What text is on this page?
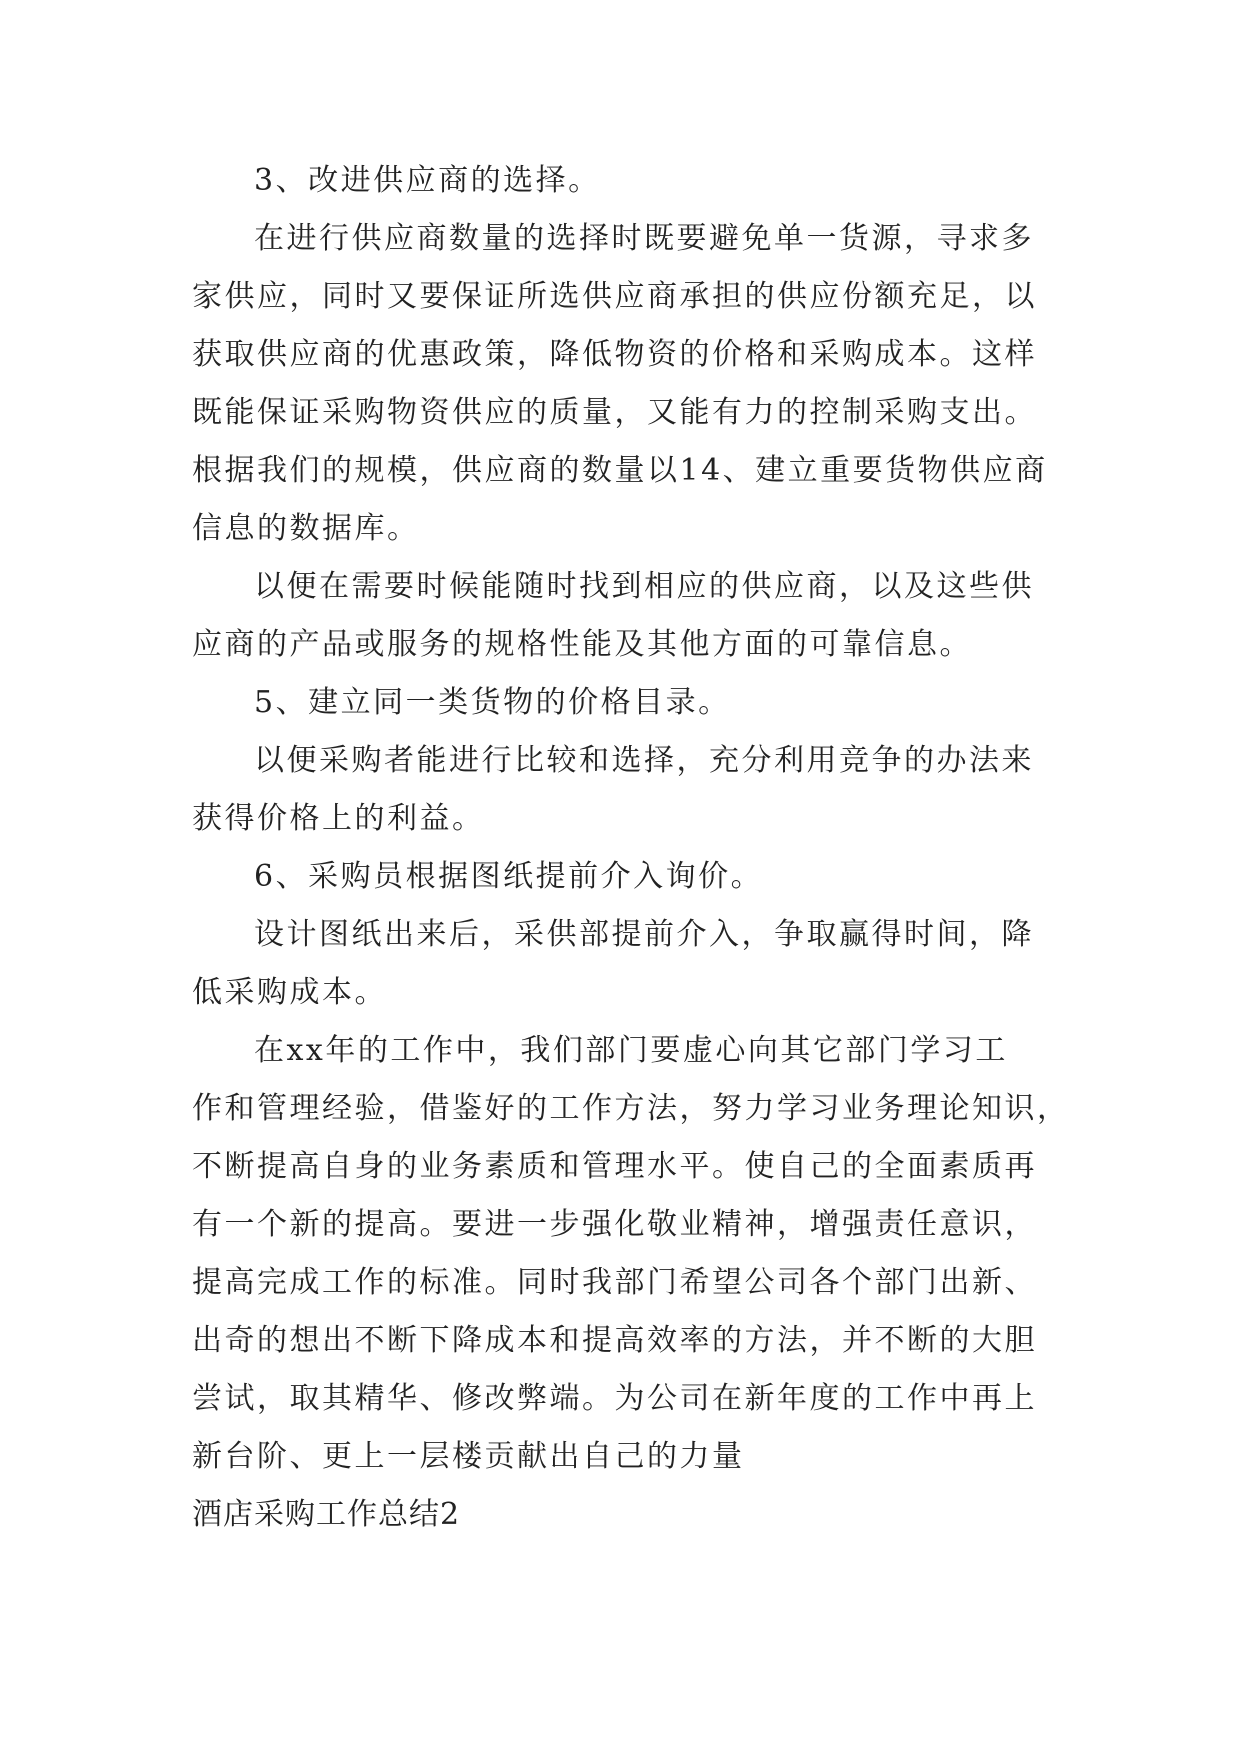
3、改进供应商的选择。
在进行供应商数量的选择时既要避免单一货源，寻求多
家供应，同时又要保证所选供应商承担的供应份额充足，以
获取供应商的优惠政策，降低物资的价格和采购成本。这样
既能保证采购物资供应的质量，又能有力的控制采购支出。
根据我们的规模，供应商的数量以14、建立重要货物供应商
信息的数据库。
以便在需要时候能随时找到相应的供应商，以及这些供
应商的产品或服务的规格性能及其他方面的可靠信息。
5、建立同一类货物的价格目录。
以便采购者能进行比较和选择，充分利用竞争的办法来
获得价格上的利益。
6、采购员根据图纸提前介入询价。
设计图纸出来后，采供部提前介入，争取赢得时间，降
低采购成本。
在xx年的工作中，我们部门要虚心向其它部门学习工
作和管理经验，借鉴好的工作方法，努力学习业务理论知识，
不断提高自身的业务素质和管理水平。使自己的全面素质再
有一个新的提高。要进一步强化敬业精神，增强责任意识，
提高完成工作的标准。同时我部门希望公司各个部门出新、
出奇的想出不断下降成本和提高效率的方法，并不断的大胆
尝试，取其精华、修改弊端。为公司在新年度的工作中再上
新台阶、更上一层楼贡献出自己的力量
酒店采购工作总结2
